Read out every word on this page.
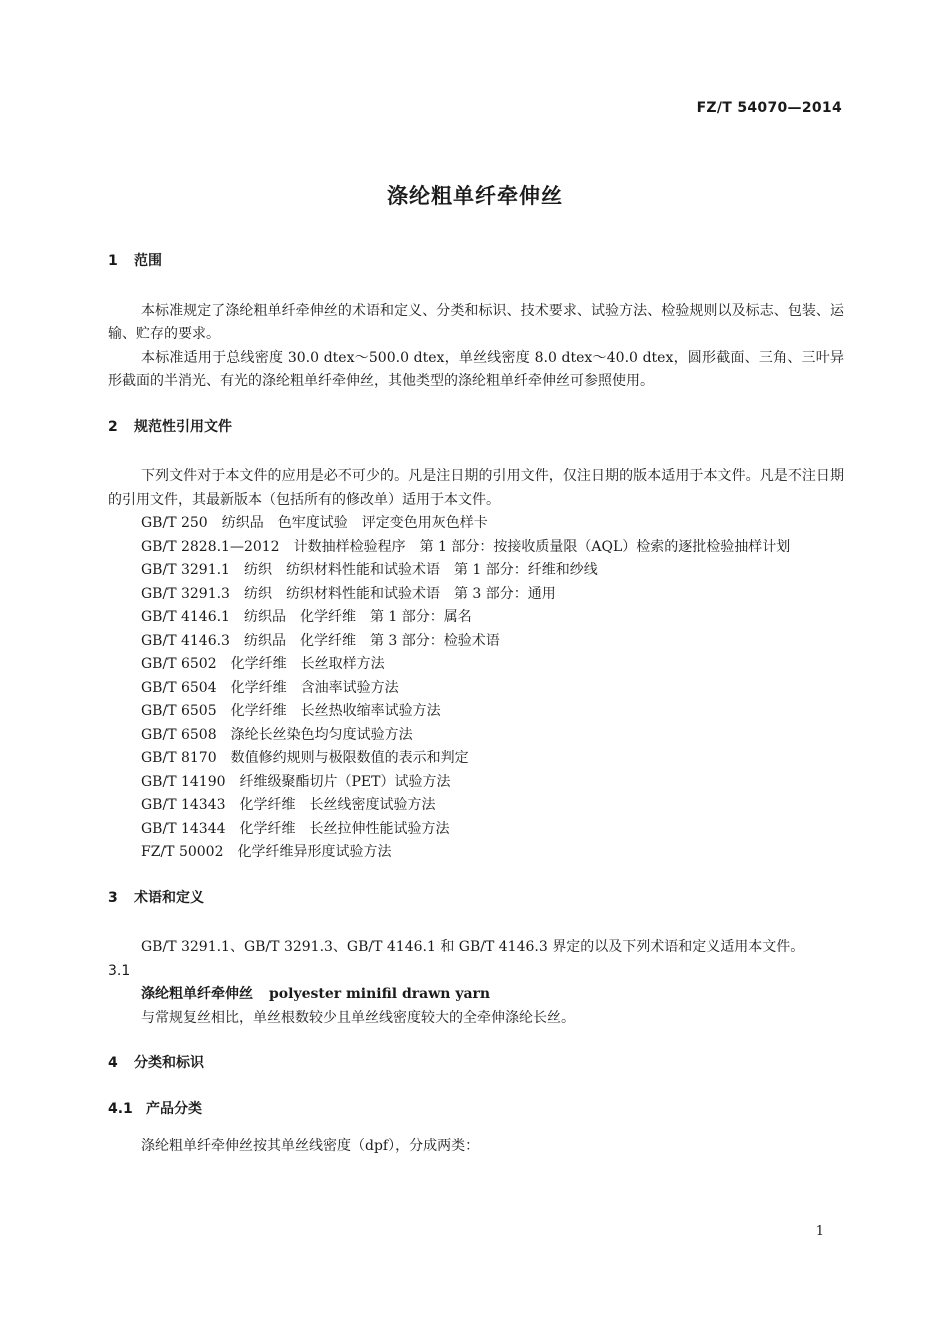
FZ/T 54070—2014
涤纶粗单纤牵伸丝
1 范围

本标准规定了涤纶粗单纤牵伸丝的术语和定义、分类和标识、技术要求、试验方法、检验规则以及标志、包装、运输、贮存的要求。

本标准适用于总线密度 30.0 dtex～500.0 dtex，单丝线密度 8.0 dtex～40.0 dtex，圆形截面、三角、三叶异形截面的半消光、有光的涤纶粗单纤牵伸丝，其他类型的涤纶粗单纤牵伸丝可参照使用。

2 规范性引用文件

下列文件对于本文件的应用是必不可少的。凡是注日期的引用文件，仅注日期的版本适用于本文件。凡是不注日期的引用文件，其最新版本（包括所有的修改单）适用于本文件。

GB/T 250 纺织品　色牢度试验　评定变色用灰色样卡

GB/T 2828.1—2012 计数抽样检验程序　第 1 部分：按接收质量限（AQL）检索的逐批检验抽样计划

GB/T 3291.1 纺织　纺织材料性能和试验术语　第 1 部分：纤维和纱线

GB/T 3291.3 纺织　纺织材料性能和试验术语　第 3 部分：通用

GB/T 4146.1 纺织品　化学纤维　第 1 部分：属名

GB/T 4146.3 纺织品　化学纤维　第 3 部分：检验术语

GB/T 6502 化学纤维　长丝取样方法

GB/T 6504 化学纤维　含油率试验方法

GB/T 6505 化学纤维　长丝热收缩率试验方法

GB/T 6508 涤纶长丝染色均匀度试验方法

GB/T 8170 数值修约规则与极限数值的表示和判定

GB/T 14190 纤维级聚酯切片（PET）试验方法

GB/T 14343 化学纤维　长丝线密度试验方法

GB/T 14344 化学纤维　长丝拉伸性能试验方法

FZ/T 50002 化学纤维异形度试验方法

3 术语和定义

GB/T 3291.1、GB/T 3291.3、GB/T 4146.1 和 GB/T 4146.3 界定的以及下列术语和定义适用本文件。

3.1

涤纶粗单纤牵伸丝 polyester minifil drawn yarn

与常规复丝相比，单丝根数较少且单丝线密度较大的全牵伸涤纶长丝。

4 分类和标识
4.1 产品分类

涤纶粗单纤牵伸丝按其单丝线密度（dpf），分成两类：

1
